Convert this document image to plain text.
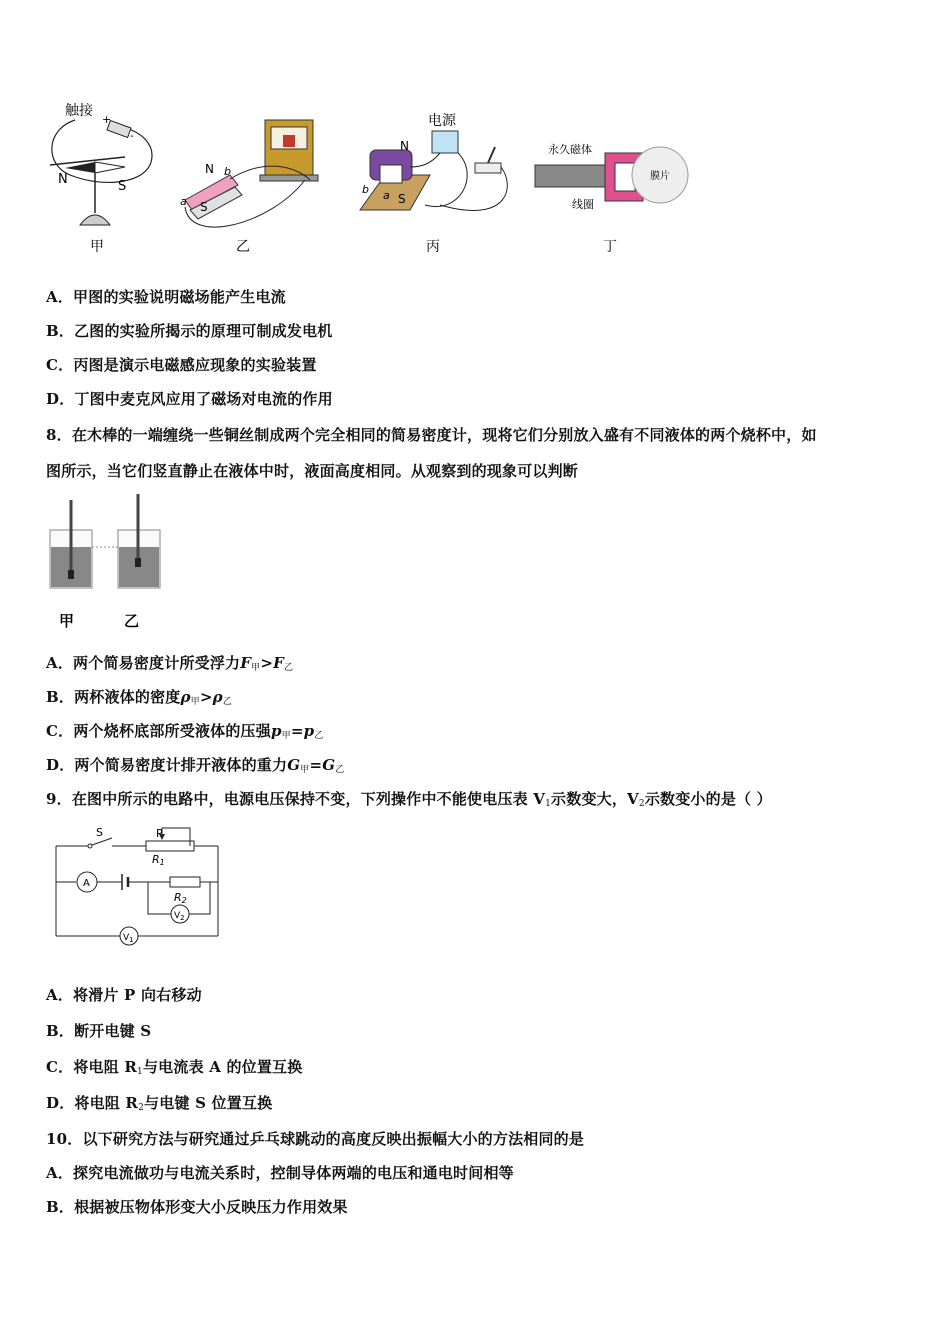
触接
+
-
N	S
N
S
a
b
电源
N
S
a
b
永久磁体
线圈
膜片
甲	乙	丙	丁
A．甲图的实验说明磁场能产生电流
B．乙图的实验所揭示的原理可制成发电机
C．丙图是演示电磁感应现象的实验装置
D．丁图中麦克风应用了磁场对电流的作用
8．在木棒的一端缠绕一些铜丝制成两个完全相同的简易密度计，现将它们分别放入盛有不同液体的两个烧杯中，如
图所示，当它们竖直静止在液体中时，液面高度相同。从观察到的现象可以判断
甲	乙
A．两个简易密度计所受浮力$F_甲>F_乙$
B．两杯液体的密度$\rho_甲>\rho_乙$
C．两个烧杯底部所受液体的压强$p_甲=p_乙$
D．两个简易密度计排开液体的重力$G_甲=G_乙$
9．在图中所示的电路中，电源电压保持不变，下列操作中不能使电压表 $V_1$示数变大，$V_2$示数变小的是（ ）
P
S
R1
A
R2
$V_2$
$V_1$
A．将滑片 P 向右移动
B．断开电键 S
C．将电阻 $R_1$与电流表 A 的位置互换
D．将电阻 $R_2$与电键 S 位置互换
10．以下研究方法与研究通过乒乓球跳动的高度反映出振幅大小的方法相同的是
A．探究电流做功与电流关系时，控制导体两端的电压和通电时间相等
B．根据被压物体形变大小反映压力作用效果
